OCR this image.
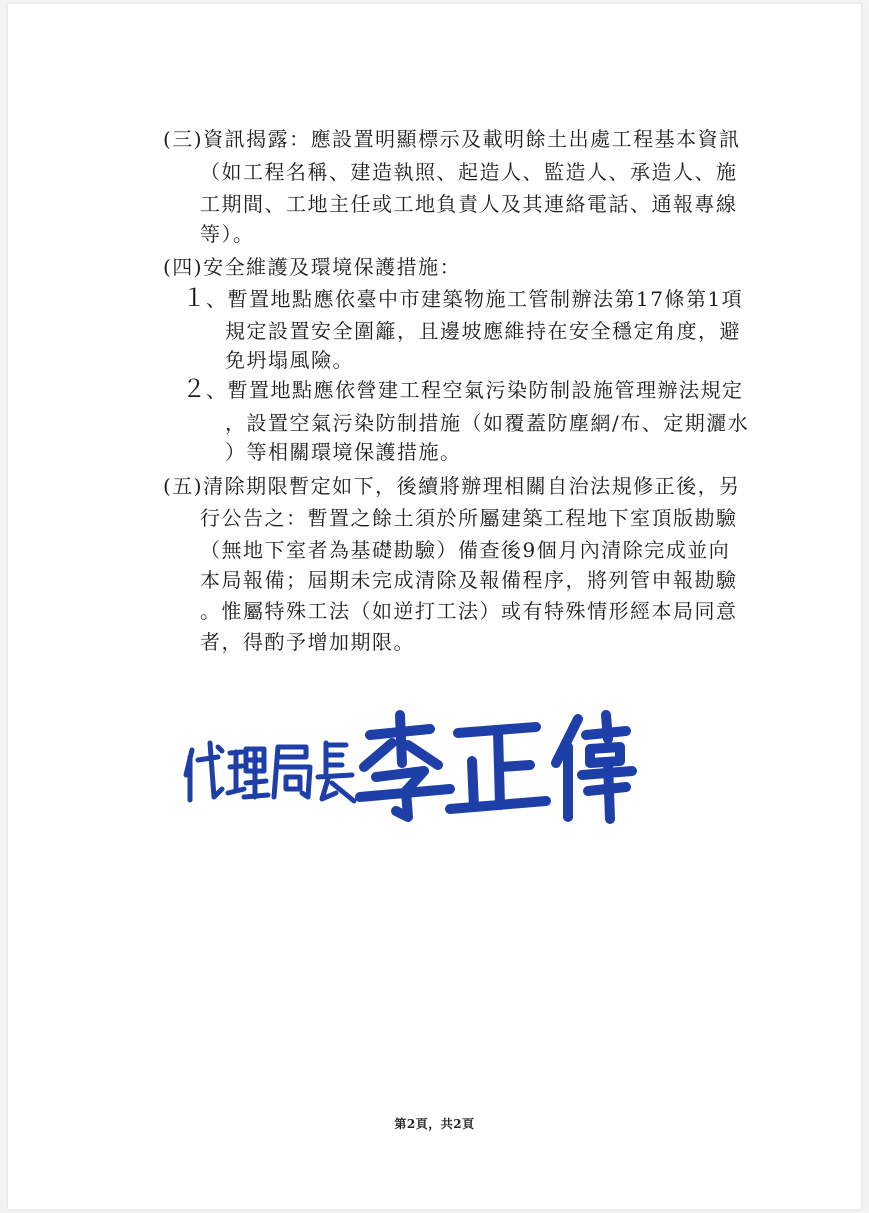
(三)資訊揭露：應設置明顯標示及載明餘土出處工程基本資訊
（如工程名稱、建造執照、起造人、監造人、承造人、施
工期間、工地主任或工地負責人及其連絡電話、通報專線
等）。
(四)安全維護及環境保護措施：
１
、暫置地點應依臺中市建築物施工管制辦法第17條第1項
規定設置安全圍籬，且邊坡應維持在安全穩定角度，避
免坍塌風險。
２
、暫置地點應依營建工程空氣污染防制設施管理辦法規定
，設置空氣污染防制措施（如覆蓋防塵網/布、定期灑水
）等相關環境保護措施。
(五)清除期限暫定如下，後續將辦理相關自治法規修正後，另
行公告之：暫置之餘土須於所屬建築工程地下室頂版勘驗
（無地下室者為基礎勘驗）備查後9個月內清除完成並向
本局報備；屆期未完成清除及報備程序，將列管申報勘驗
。惟屬特殊工法（如逆打工法）或有特殊情形經本局同意
者，得酌予增加期限。
第2頁，共2頁
